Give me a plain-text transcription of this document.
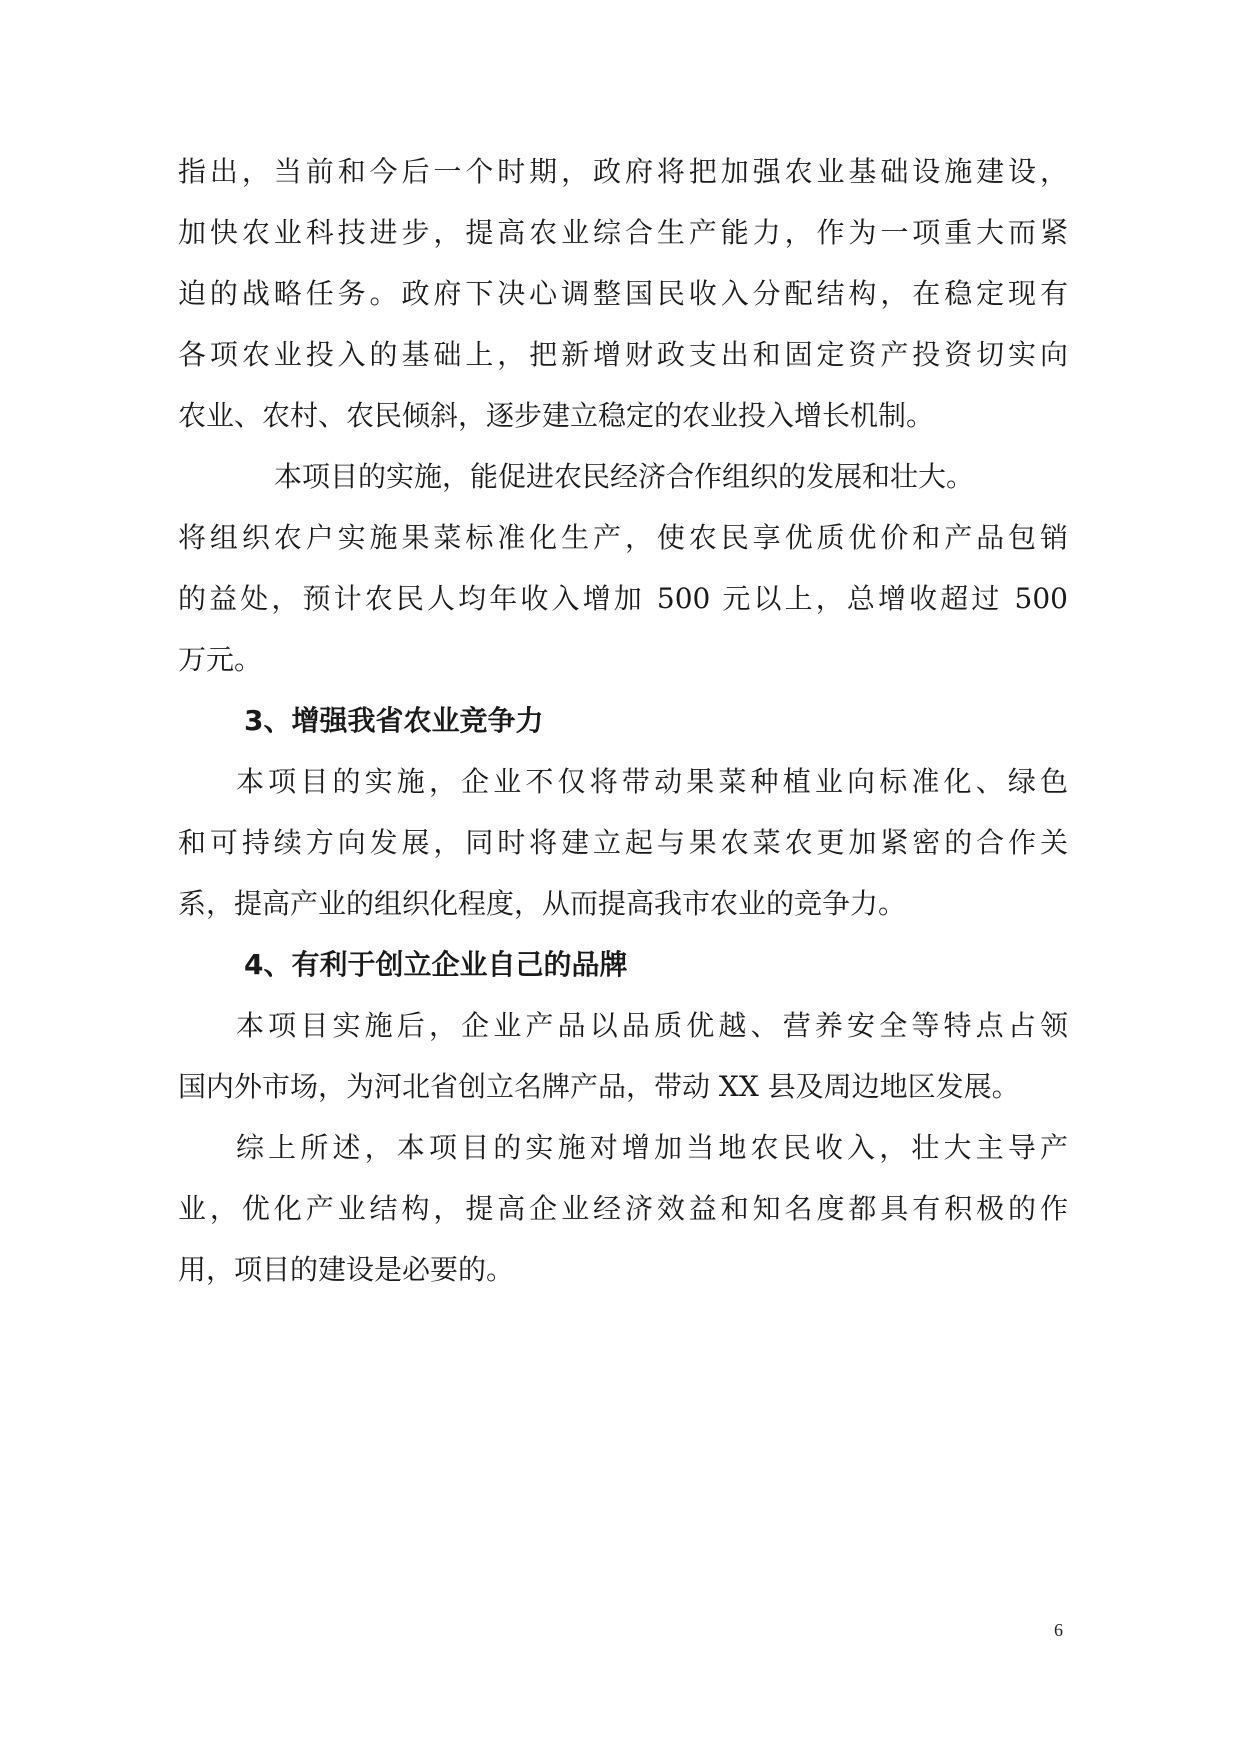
指出，当前和今后一个时期，政府将把加强农业基础设施建设，
加快农业科技进步，提高农业综合生产能力，作为一项重大而紧
迫的战略任务。政府下决心调整国民收入分配结构，在稳定现有
各项农业投入的基础上，把新增财政支出和固定资产投资切实向
农业、农村、农民倾斜，逐步建立稳定的农业投入增长机制。
本项目的实施，能促进农民经济合作组织的发展和壮大。
将组织农户实施果菜标准化生产，使农民享优质优价和产品包销
的益处，预计农民人均年收入增加 500 元以上，总增收超过 500
万元。
3、增强我省农业竞争力
本项目的实施，企业不仅将带动果菜种植业向标准化、绿色
和可持续方向发展，同时将建立起与果农菜农更加紧密的合作关
系，提高产业的组织化程度，从而提高我市农业的竞争力。
4、有利于创立企业自己的品牌
本项目实施后，企业产品以品质优越、营养安全等特点占领
国内外市场，为河北省创立名牌产品，带动 XX 县及周边地区发展。
综上所述，本项目的实施对增加当地农民收入，壮大主导产
业，优化产业结构，提高企业经济效益和知名度都具有积极的作
用，项目的建设是必要的。
6
